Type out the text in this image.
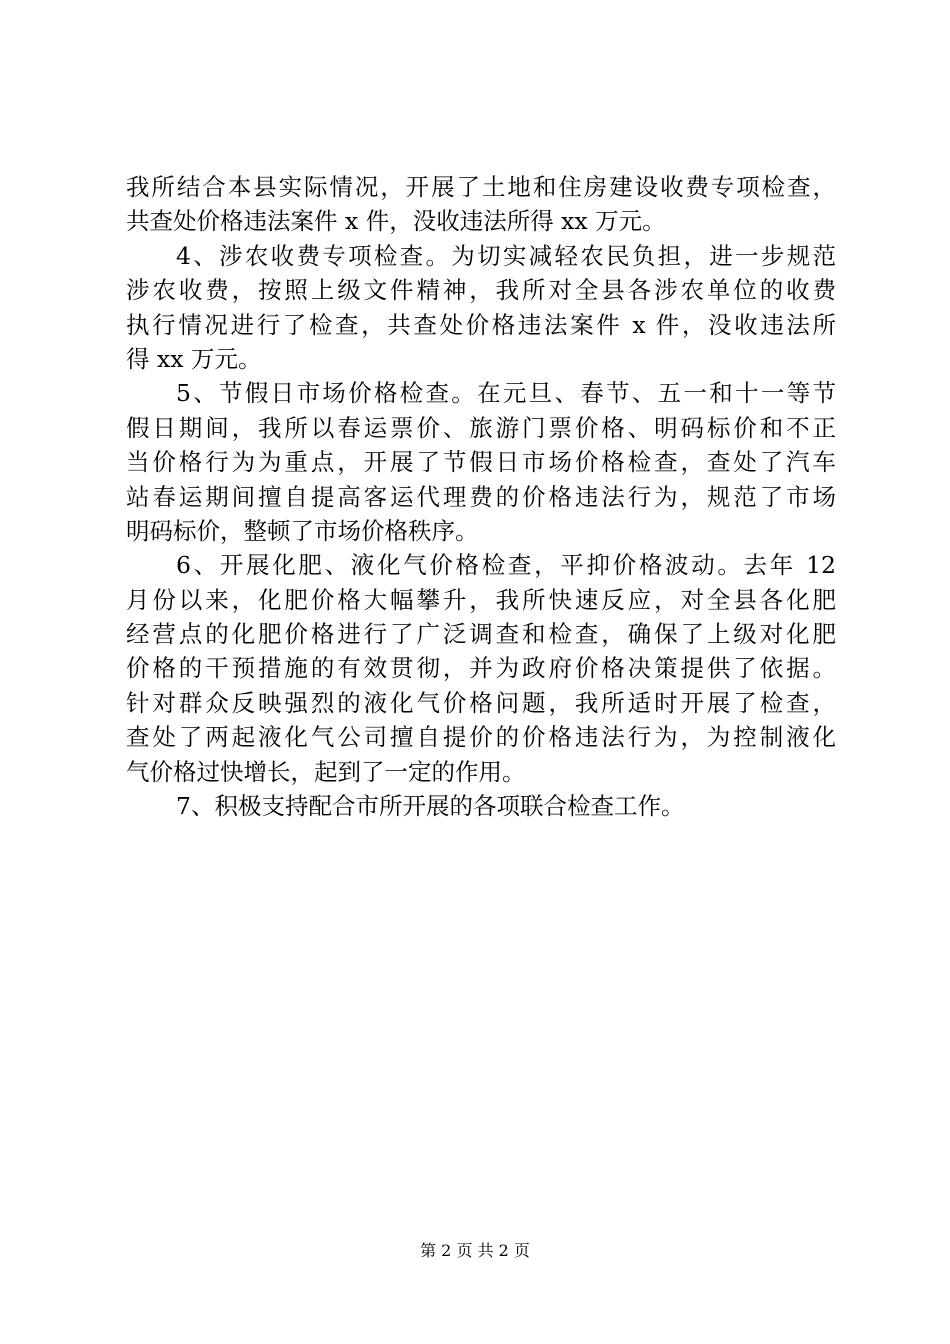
我所结合本县实际情况，开展了土地和住房建设收费专项检查，
共查处价格违法案件 x 件，没收违法所得 xx 万元。
4、涉农收费专项检查。为切实减轻农民负担，进一步规范
涉农收费，按照上级文件精神，我所对全县各涉农单位的收费
执行情况进行了检查，共查处价格违法案件 x 件，没收违法所
得 xx 万元。
5、节假日市场价格检查。在元旦、春节、五一和十一等节
假日期间，我所以春运票价、旅游门票价格、明码标价和不正
当价格行为为重点，开展了节假日市场价格检查，查处了汽车
站春运期间擅自提高客运代理费的价格违法行为，规范了市场
明码标价，整顿了市场价格秩序。
6、开展化肥、液化气价格检查，平抑价格波动。去年 12
月份以来，化肥价格大幅攀升，我所快速反应，对全县各化肥
经营点的化肥价格进行了广泛调查和检查，确保了上级对化肥
价格的干预措施的有效贯彻，并为政府价格决策提供了依据。
针对群众反映强烈的液化气价格问题，我所适时开展了检查，
查处了两起液化气公司擅自提价的价格违法行为，为控制液化
气价格过快增长，起到了一定的作用。
7、积极支持配合市所开展的各项联合检查工作。
第 2 页 共 2 页
